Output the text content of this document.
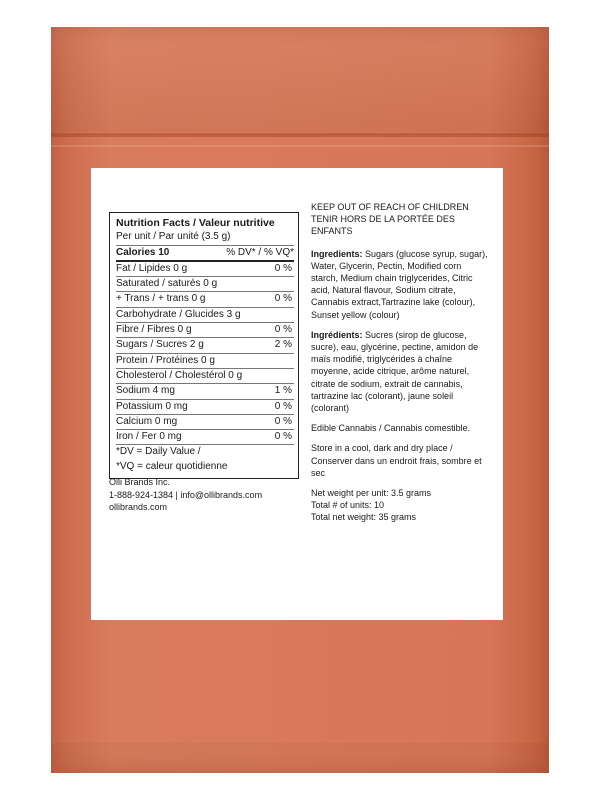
Nutrition Facts / Valeur nutritive
Per unit / Par unité (3.5 g)
Calories 10	% DV* / % VQ*
Fat / Lipides 0 g	0 %
Saturated / saturés 0 g
+ Trans / + trans 0 g	0 %
Carbohydrate / Glucides 3 g
Fibre / Fibres 0 g	0 %
Sugars / Sucres 2 g	2 %
Protein / Protéines 0 g
Cholesterol / Cholestérol 0 g
Sodium 4 mg	1 %
Potassium 0 mg	0 %
Calcium 0 mg	0 %
Iron / Fer 0 mg	0 %
*DV = Daily Value /
*VQ = caleur quotidienne
Olli Brands Inc.
1-888-924-1384 | info@ollibrands.com
ollibrands.com

KEEP OUT OF REACH OF CHILDREN
TENIR HORS DE LA PORTÉE DES ENFANTS

Ingredients: Sugars (glucose syrup, sugar), Water, Glycerin, Pectin, Modified corn starch, Medium chain triglycerides, Citric acid, Natural flavour, Sodium citrate, Cannabis extract,Tartrazine lake (colour), Sunset yellow (colour)

Ingrédients: Sucres (sirop de glucose, sucre), eau, glycérine, pectine, amidon de maïs modifié, triglycérides à chaîne moyenne, acide citrique, arôme naturel, citrate de sodium, extrait de cannabis, tartrazine lac (colorant), jaune soleil (colorant)

Edible Cannabis / Cannabis comestible.

Store in a cool, dark and dry place / Conserver dans un endroit frais, sombre et sec

Net weight per unit: 3.5 grams
Total # of units: 10
Total net weight: 35 grams
